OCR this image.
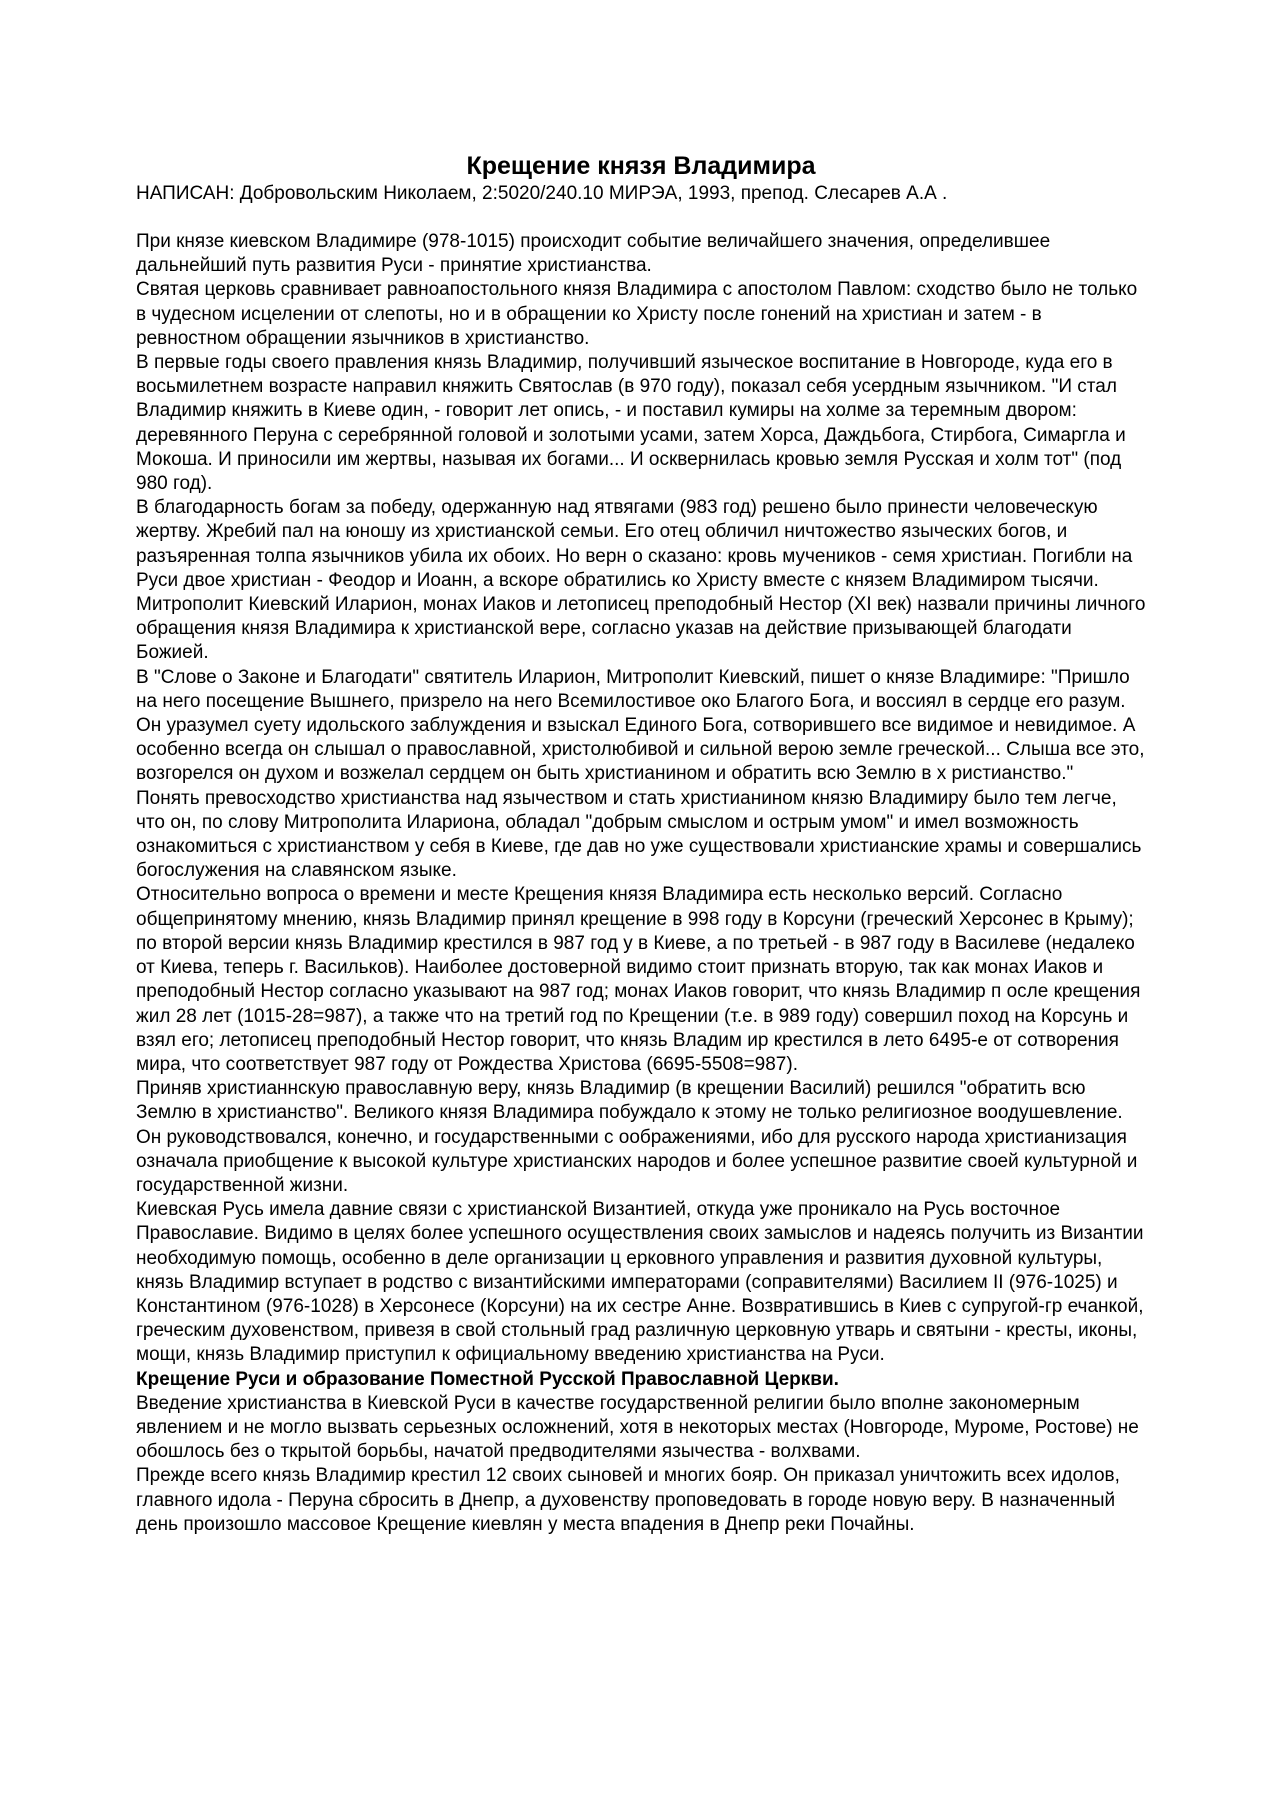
Крещение князя Владимира

НАПИСАН: Добровольским Николаем, 2:5020/240.10 МИРЭА, 1993, препод. Слесарев А.А .

При князе киевском Владимире (978-1015) происходит событие величайшего значения, определившее дальнейший путь развития Руси - принятие христианства.

Святая церковь сравнивает равноапостольного князя Владимира с апостолом Павлом: сходство было не только в чудесном исцелении от слепоты, но и в обращении ко Христу после гонений на христиан и затем - в ревностном обращении язычников в христианство.

В первые годы своего правления князь Владимир, получивший языческое воспитание в Новгороде, куда его в восьмилетнем возрасте направил княжить Святослав (в 970 году), показал себя усердным язычником. "И стал Владимир княжить в Киеве один, - говорит лет опись, - и поставил кумиры на холме за теремным двором: деревянного Перуна с серебрянной головой и золотыми усами, затем Хорса, Даждьбога, Стирбога, Симаргла и Мокоша. И приносили им жертвы, называя их богами... И осквернилась кровью земля Русская и холм тот" (под 980 год).

В благодарность богам за победу, одержанную над ятвягами (983 год) решено было принести человеческую жертву. Жребий пал на юношу из христианской семьи. Его отец обличил ничтожество языческих богов, и разъяренная толпа язычников убила их обоих. Но верн о сказано: кровь мучеников - семя христиан. Погибли на Руси двое христиан - Феодор и Иоанн, а вскоре обратились ко Христу вместе с князем Владимиром тысячи.

Митрополит Киевский Иларион, монах Иаков и летописец преподобный Нестор (XI век) назвали причины личного обращения князя Владимира к христианской вере, согласно указав на действие призывающей благодати Божией.

В "Слове о Законе и Благодати" святитель Иларион, Митрополит Киевский, пишет о князе Владимире: "Пришло на него посещение Вышнего, призрело на него Всемилостивое око Благого Бога, и воссиял в сердце его разум. Он уразумел суету идольского заблуждения и взыскал Единого Бога, сотворившего все видимое и невидимое. А особенно всегда он слышал о православной, христолюбивой и сильной верою земле греческой... Слыша все это, возгорелся он духом и возжелал сердцем он быть христианином и обратить всю Землю в х ристианство."

Понять превосходство христианства над язычеством и стать христианином князю Владимиру было тем легче, что он, по слову Митрополита Илариона, обладал "добрым смыслом и острым умом" и имел возможность ознакомиться с христианством у себя в Киеве, где дав но уже существовали христианские храмы и совершались богослужения на славянском языке.

Относительно вопроса о времени и месте Крещения князя Владимира есть несколько версий. Согласно общепринятому мнению, князь Владимир принял крещение в 998 году в Корсуни (греческий Херсонес в Крыму); по второй версии князь Владимир крестился в 987 год у в Киеве, а по третьей - в 987 году в Василеве (недалеко от Киева, теперь г. Васильков). Наиболее достоверной видимо стоит признать вторую, так как монах Иаков и преподобный Нестор согласно указывают на 987 год; монах Иаков говорит, что князь Владимир п осле крещения жил 28 лет (1015-28=987), а также что на третий год по Крещении (т.е. в 989 году) совершил поход на Корсунь и взял его; летописец преподобный Нестор говорит, что князь Владим ир крестился в лето 6495-е от сотворения мира, что соответствует 987 году от Рождества Христова (6695-5508=987).

Приняв христианнскую православную веру, князь Владимир (в крещении Василий) решился "обратить всю Землю в христианство". Великого князя Владимира побуждало к этому не только религиозное воодушевление. Он руководствовался, конечно, и государственными с оображениями, ибо для русского народа христианизация означала приобщение к высокой культуре христианских народов и более успешное развитие своей культурной и государственной жизни.

Киевская Русь имела давние связи с христианской Византией, откуда уже проникало на Русь восточное Православие. Видимо в целях более успешного осуществления своих замыслов и надеясь получить из Византии необходимую помощь, особенно в деле организации ц ерковного управления и развития духовной культуры, князь Владимир вступает в родство с византийскими императорами (соправителями) Василием II (976-1025) и Константином (976-1028) в Херсонесе (Корсуни) на их сестре Анне. Возвратившись в Киев с супругой-гр ечанкой, греческим духовенством, привезя в свой стольный град различную церковную утварь и святыни - кресты, иконы, мощи, князь Владимир приступил к официальному введению христианства на Руси.

Крещение Руси и образование Поместной Русской Православной Церкви.

Введение христианства в Киевской Руси в качестве государственной религии было вполне закономерным явлением и не могло вызвать серьезных осложнений, хотя в некоторых местах (Новгороде, Муроме, Ростове) не обошлось без о ткрытой борьбы, начатой предводителями язычества - волхвами.

Прежде всего князь Владимир крестил 12 своих сыновей и многих бояр. Он приказал уничтожить всех идолов, главного идола - Перуна сбросить в Днепр, а духовенству проповедовать в городе новую веру. В назначенный день произошло массовое Крещение киевлян у места впадения в Днепр реки Почайны.
